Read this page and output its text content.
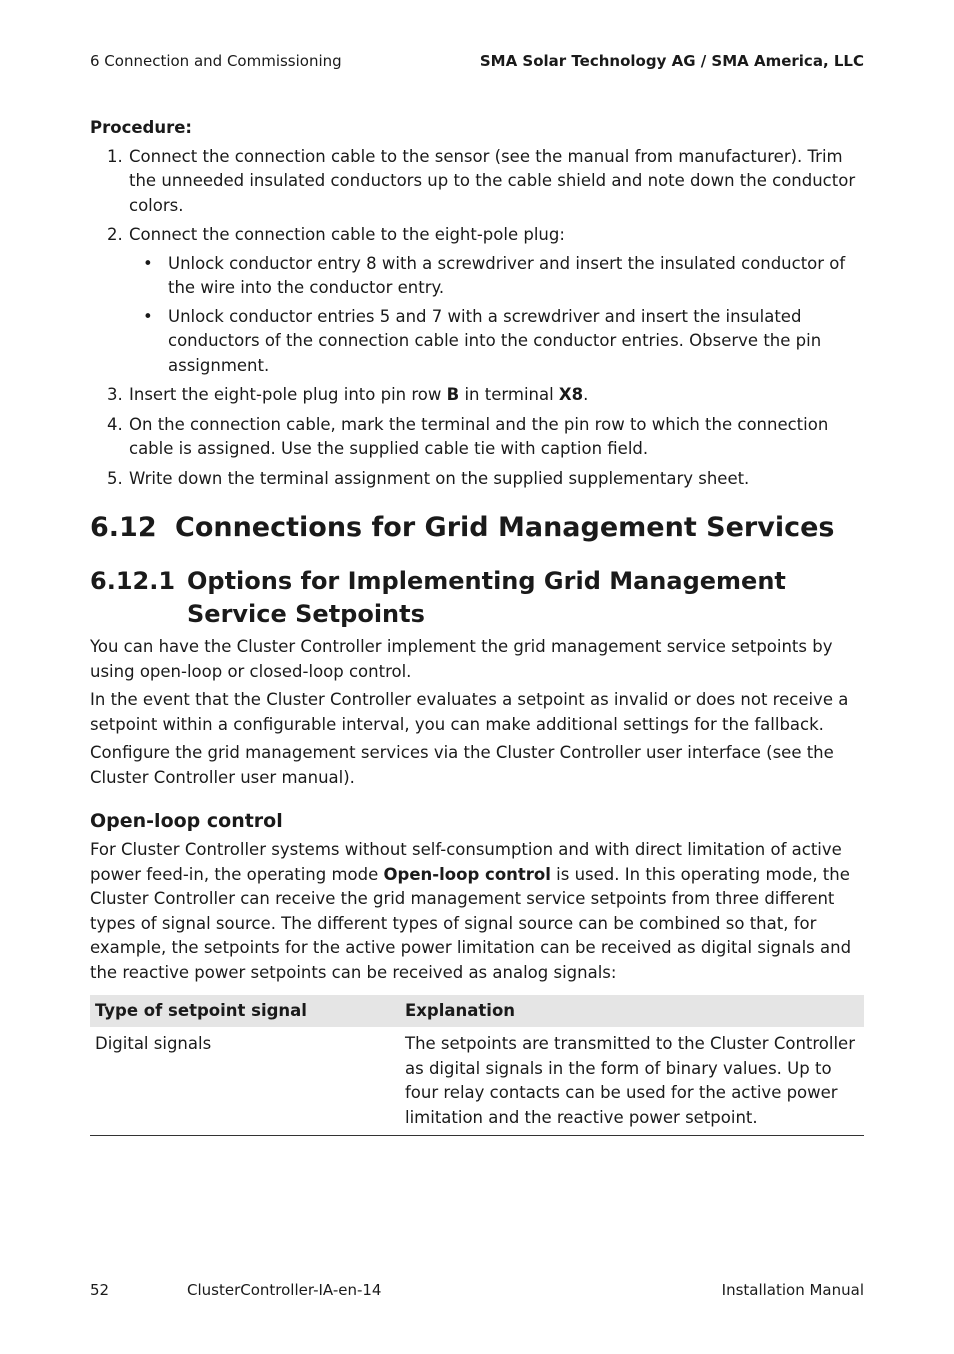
6 Connection and Commissioning	SMA Solar Technology AG / SMA America, LLC
Procedure:
1. Connect the connection cable to the sensor (see the manual from manufacturer). Trim the unneeded insulated conductors up to the cable shield and note down the conductor colors.
2. Connect the connection cable to the eight-pole plug:
• Unlock conductor entry 8 with a screwdriver and insert the insulated conductor of the wire into the conductor entry.
• Unlock conductor entries 5 and 7 with a screwdriver and insert the insulated conductors of the connection cable into the conductor entries. Observe the pin assignment.
3. Insert the eight-pole plug into pin row B in terminal X8.
4. On the connection cable, mark the terminal and the pin row to which the connection cable is assigned. Use the supplied cable tie with caption field.
5. Write down the terminal assignment on the supplied supplementary sheet.
6.12 Connections for Grid Management Services
6.12.1 Options for Implementing Grid Management Service Setpoints

You can have the Cluster Controller implement the grid management service setpoints by using open-loop or closed-loop control.

In the event that the Cluster Controller evaluates a setpoint as invalid or does not receive a setpoint within a configurable interval, you can make additional settings for the fallback.

Configure the grid management services via the Cluster Controller user interface (see the Cluster Controller user manual).

Open-loop control

For Cluster Controller systems without self-consumption and with direct limitation of active power feed-in, the operating mode Open-loop control is used. In this operating mode, the Cluster Controller can receive the grid management service setpoints from three different types of signal source. The different types of signal source can be combined so that, for example, the setpoints for the active power limitation can be received as digital signals and the reactive power setpoints can be received as analog signals:

Type of setpoint signal	Explanation
Digital signals	The setpoints are transmitted to the Cluster Controller as digital signals in the form of binary values. Up to four relay contacts can be used for the active power limitation and the reactive power setpoint.
52	ClusterController-IA-en-14	Installation Manual
